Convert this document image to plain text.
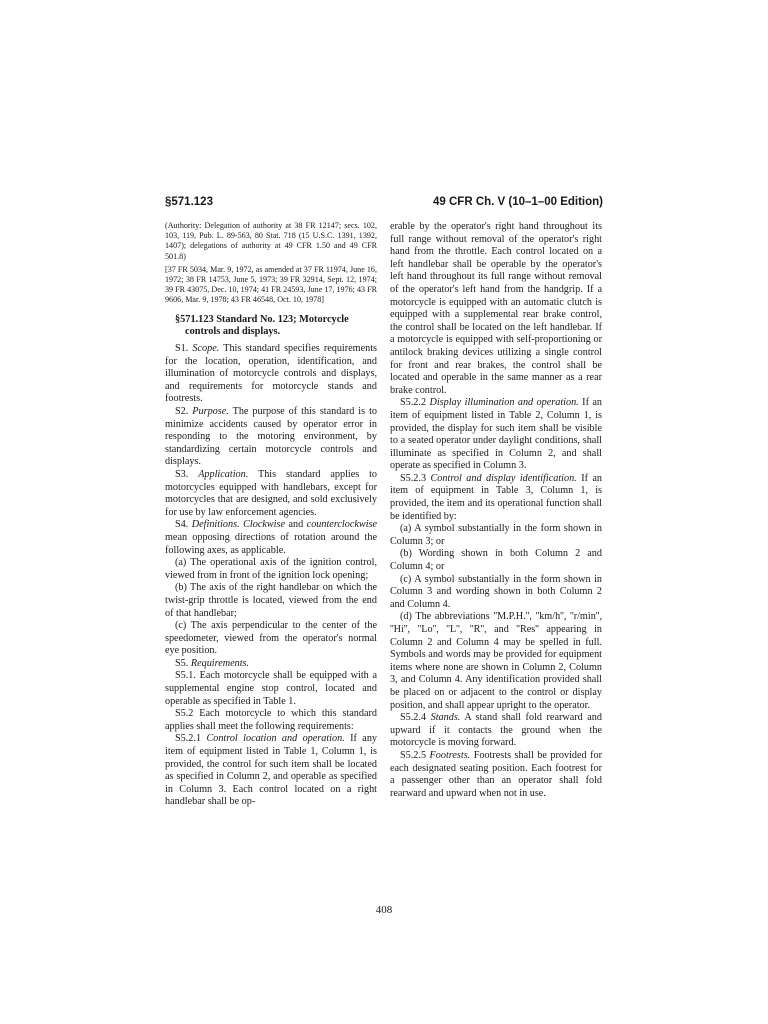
§571.123	49 CFR Ch. V (10–1–00 Edition)

(Authority: Delegation of authority at 38 FR 12147; secs. 102, 103, 119, Pub. L. 89-563, 80 Stat. 718 (15 U.S.C. 1391, 1392, 1407); delegations of authority at 49 CFR 1.50 and 49 CFR 501.8)

[37 FR 5034, Mar. 9, 1972, as amended at 37 FR 11974, June 16, 1972; 38 FR 14753, June 5, 1973; 39 FR 32914, Sept. 12, 1974; 39 FR 43075, Dec. 10, 1974; 41 FR 24593, June 17, 1976; 43 FR 9606, Mar. 9, 1978; 43 FR 46548, Oct. 10, 1978]

§571.123 Standard No. 123; Motorcycle
controls and displays.

S1. Scope. This standard specifies requirements for the location, operation, identification, and illumination of motorcycle controls and displays, and requirements for motorcycle stands and footrests.

S2. Purpose. The purpose of this standard is to minimize accidents caused by operator error in responding to the motoring environment, by standardizing certain motorcycle controls and displays.

S3. Application. This standard applies to motorcycles equipped with handlebars, except for motorcycles that are designed, and sold exclusively for use by law enforcement agencies.

S4. Definitions. Clockwise and counterclockwise mean opposing directions of rotation around the following axes, as applicable.

(a) The operational axis of the ignition control, viewed from in front of the ignition lock opening;

(b) The axis of the right handlebar on which the twist-grip throttle is located, viewed from the end of that handlebar;

(c) The axis perpendicular to the center of the speedometer, viewed from the operator's normal eye position.

S5. Requirements.

S5.1. Each motorcycle shall be equipped with a supplemental engine stop control, located and operable as specified in Table 1.

S5.2 Each motorcycle to which this standard applies shall meet the following requirements:

S5.2.1 Control location and operation. If any item of equipment listed in Table 1, Column 1, is provided, the control for such item shall be located as specified in Column 2, and operable as specified in Column 3. Each control located on a right handlebar shall be op-

erable by the operator's right hand throughout its full range without removal of the operator's right hand from the throttle. Each control located on a left handlebar shall be operable by the operator's left hand throughout its full range without removal of the operator's left hand from the handgrip. If a motorcycle is equipped with an automatic clutch is equipped with a supplemental rear brake control, the control shall be located on the left handlebar. If a motorcycle is equipped with self-proportioning or antilock braking devices utilizing a single control for front and rear brakes, the control shall be located and operable in the same manner as a rear brake control.

S5.2.2 Display illumination and operation. If an item of equipment listed in Table 2, Column 1, is provided, the display for such item shall be visible to a seated operator under daylight conditions, shall illuminate as specified in Column 2, and shall operate as specified in Column 3.

S5.2.3 Control and display identification. If an item of equipment in Table 3, Column 1, is provided, the item and its operational function shall be identified by:

(a) A symbol substantially in the form shown in Column 3; or

(b) Wording shown in both Column 2 and Column 4; or

(c) A symbol substantially in the form shown in Column 3 and wording shown in both Column 2 and Column 4.

(d) The abbreviations ''M.P.H.'', ''km/h'', ''r/min'', ''Hi'', ''Lo'', ''L'', ''R'', and ''Res'' appearing in Column 2 and Column 4 may be spelled in full. Symbols and words may be provided for equipment items where none are shown in Column 2, Column 3, and Column 4. Any identification provided shall be placed on or adjacent to the control or display position, and shall appear upright to the operator.

S5.2.4 Stands. A stand shall fold rearward and upward if it contacts the ground when the motorcycle is moving forward.

S5.2.5 Footrests. Footrests shall be provided for each designated seating position. Each footrest for a passenger other than an operator shall fold rearward and upward when not in use.

408
